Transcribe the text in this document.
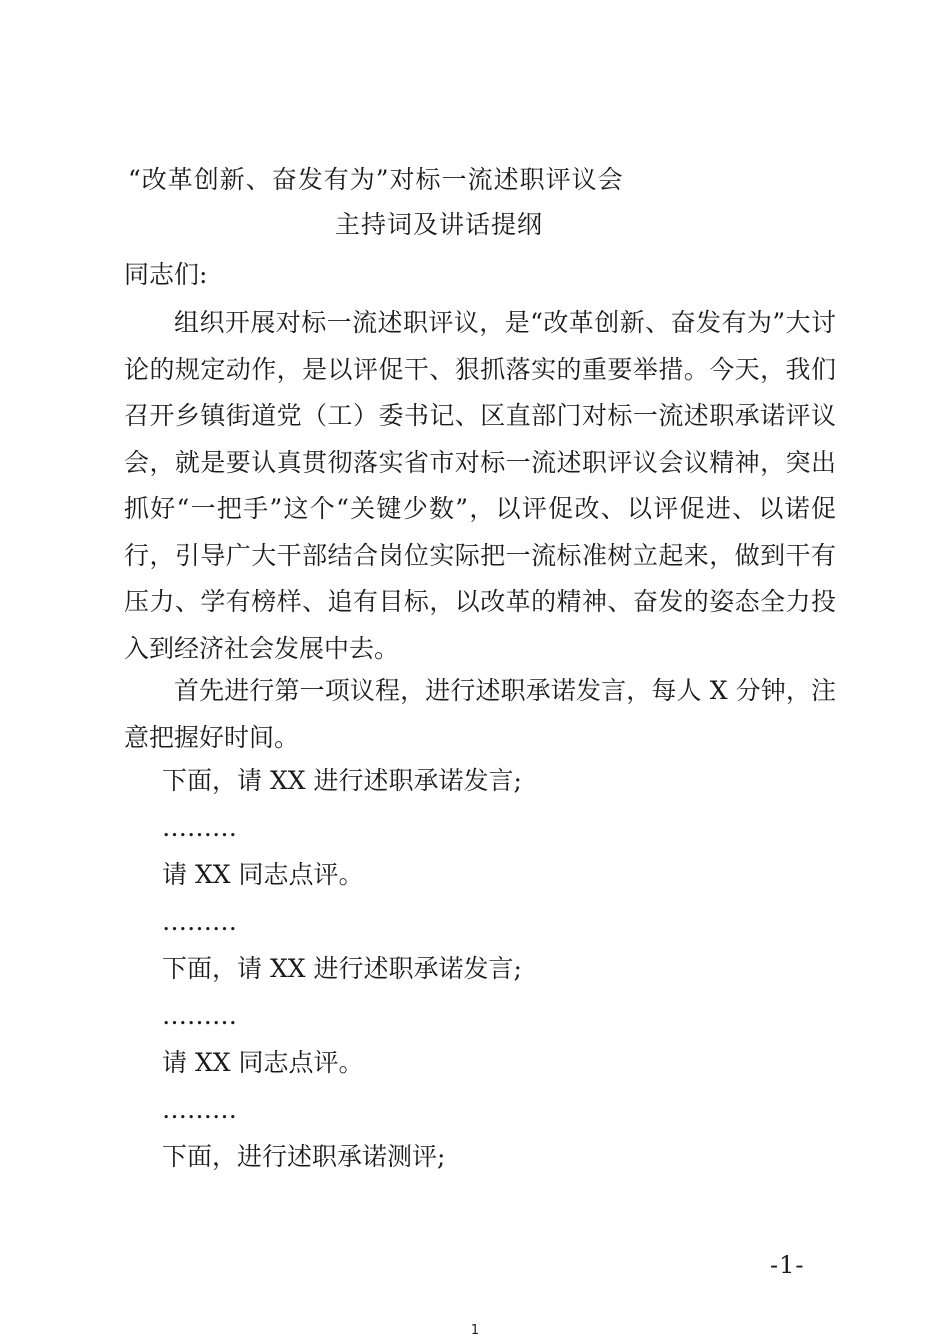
“改革创新、奋发有为”对标一流述职评议会
主持词及讲话提纲
同志们:

组织开展对标一流述职评议，是“改革创新、奋发有为”大讨论的规定动作，是以评促干、狠抓落实的重要举措。今天，我们召开乡镇街道党（工）委书记、区直部门对标一流述职承诺评议会，就是要认真贯彻落实省市对标一流述职评议会议精神，突出抓好“一把手”这个“关键少数”，以评促改、以评促进、以诺促行，引导广大干部结合岗位实际把一流标准树立起来，做到干有压力、学有榜样、追有目标，以改革的精神、奋发的姿态全力投入到经济社会发展中去。

首先进行第一项议程，进行述职承诺发言，每人 X 分钟，注意把握好时间。

下面，请 XX 进行述职承诺发言;
………
请 XX 同志点评。
………
下面，请 XX 进行述职承诺发言;
………
请 XX 同志点评。
………
下面，进行述职承诺测评;
-1-
1
